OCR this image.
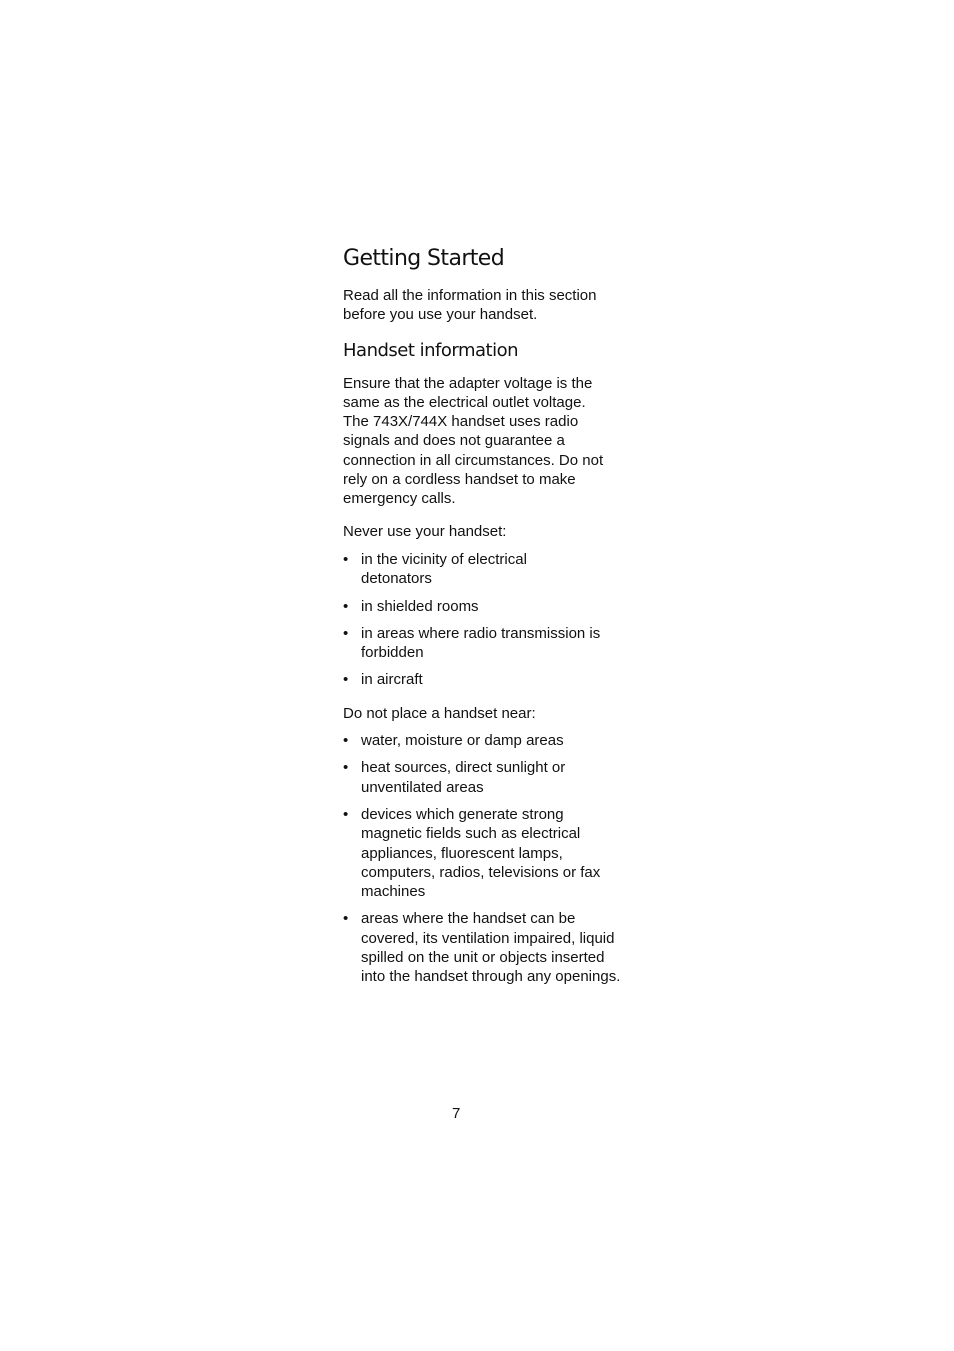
Getting Started

Read all the information in this section before you use your handset.

Handset information

Ensure that the adapter voltage is the same as the electrical outlet voltage. The 743X/744X handset uses radio signals and does not guarantee a connection in all circumstances. Do not rely on a cordless handset to make emergency calls.

Never use your handset:

• in the vicinity of electrical detonators
• in shielded rooms
• in areas where radio transmission is forbidden
• in aircraft

Do not place a handset near:

• water, moisture or damp areas
• heat sources, direct sunlight or unventilated areas
• devices which generate strong magnetic fields such as electrical appliances, fluorescent lamps, computers, radios, televisions or fax machines
• areas where the handset can be covered, its ventilation impaired, liquid spilled on the unit or objects inserted into the handset through any openings.
7
